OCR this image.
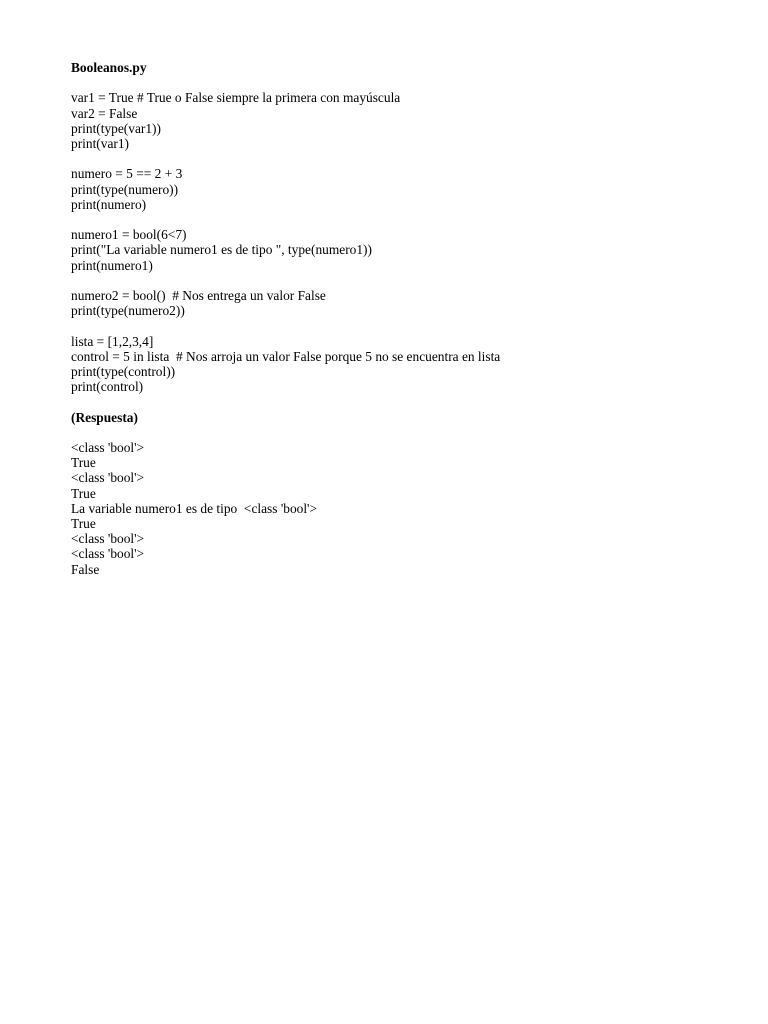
Booleanos.py
var1 = True # True o False siempre la primera con mayúscula
var2 = False
print(type(var1))
print(var1)
numero = 5 == 2 + 3
print(type(numero))
print(numero)
numero1 = bool(6<7)
print("La variable numero1 es de tipo ", type(numero1))
print(numero1)
numero2 = bool()  # Nos entrega un valor False
print(type(numero2))
lista = [1,2,3,4]
control = 5 in lista  # Nos arroja un valor False porque 5 no se encuentra en lista
print(type(control))
print(control)
(Respuesta)
<class 'bool'>
True
<class 'bool'>
True
La variable numero1 es de tipo  <class 'bool'>
True
<class 'bool'>
<class 'bool'>
False
